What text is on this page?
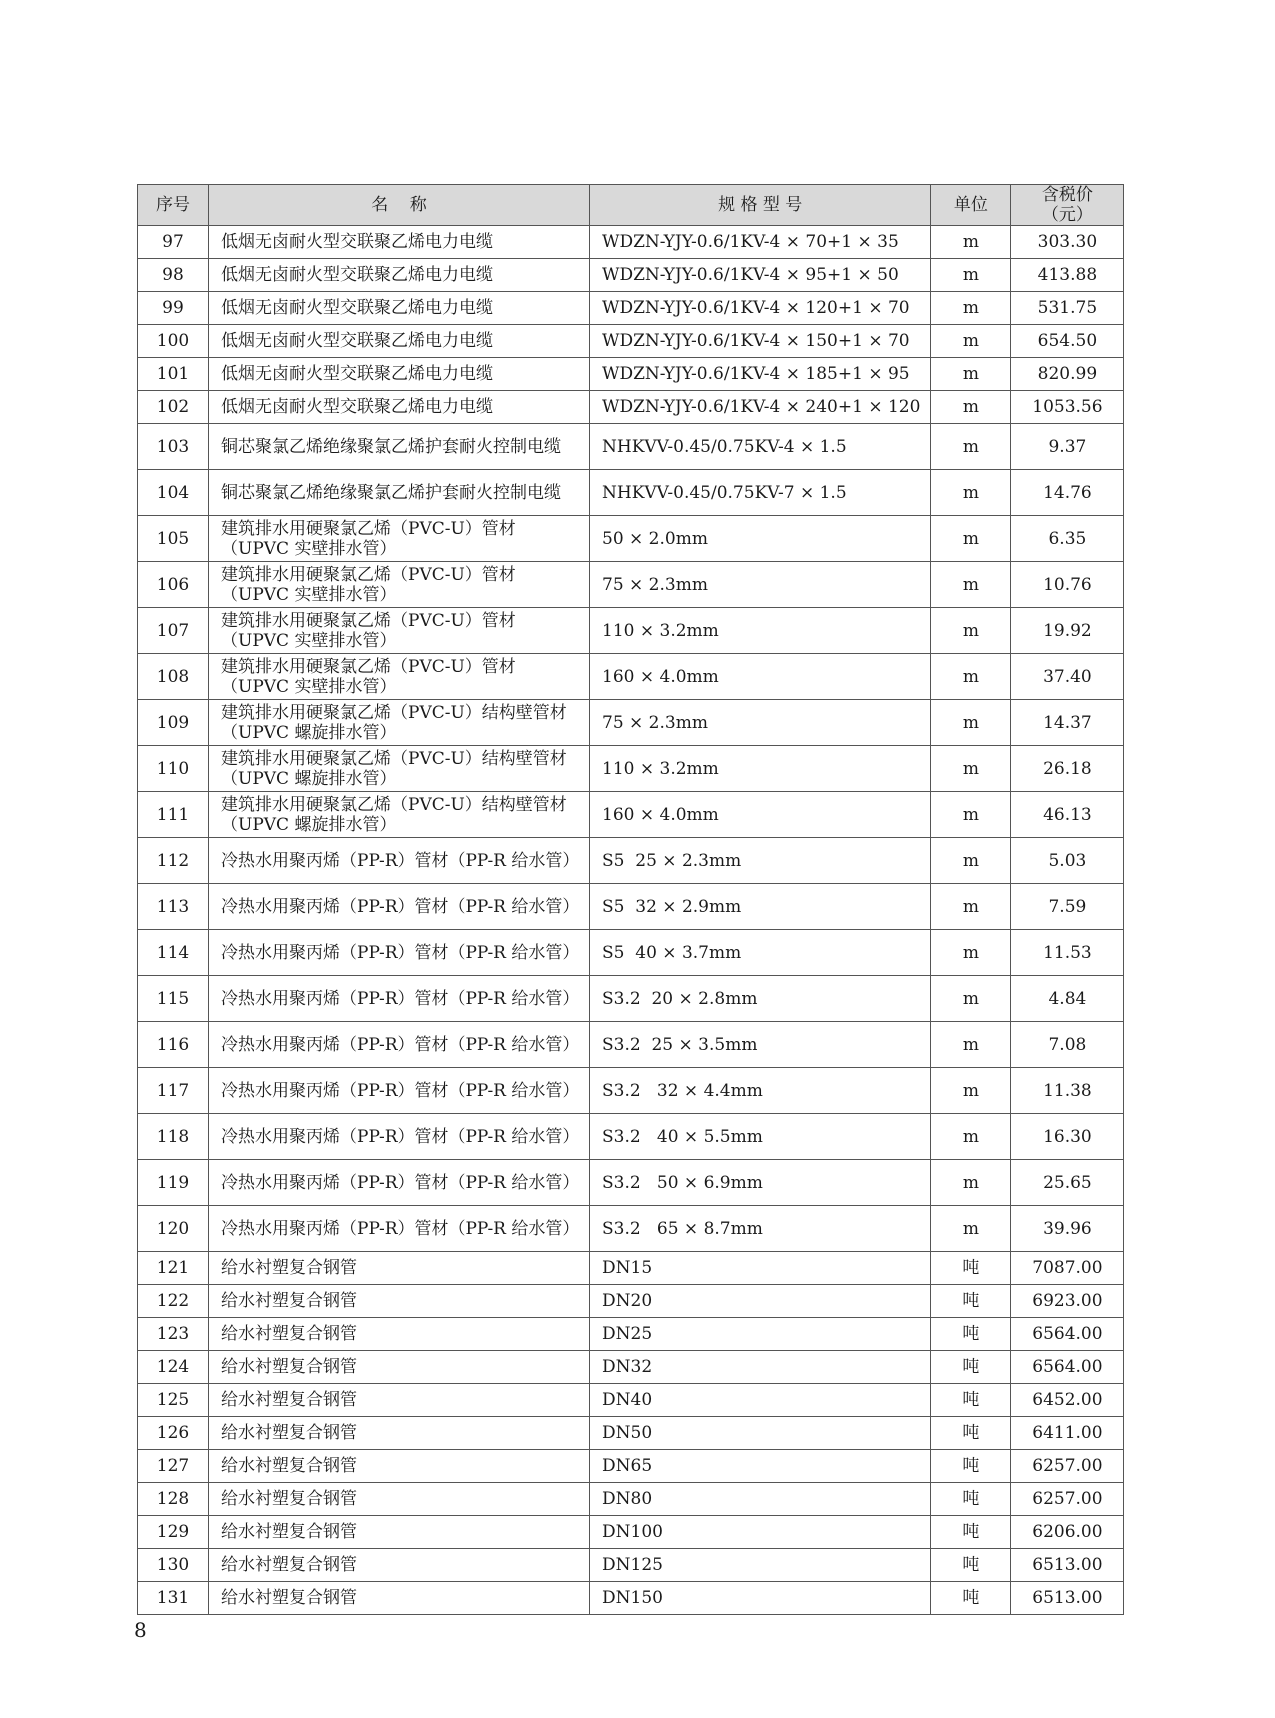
序号	名    称	规 格 型 号	单位	含税价（元）
97	低烟无卤耐火型交联聚乙烯电力电缆	WDZN-YJY-0.6/1KV-4 × 70+1 × 35	m	303.30
98	低烟无卤耐火型交联聚乙烯电力电缆	WDZN-YJY-0.6/1KV-4 × 95+1 × 50	m	413.88
99	低烟无卤耐火型交联聚乙烯电力电缆	WDZN-YJY-0.6/1KV-4 × 120+1 × 70	m	531.75
100	低烟无卤耐火型交联聚乙烯电力电缆	WDZN-YJY-0.6/1KV-4 × 150+1 × 70	m	654.50
101	低烟无卤耐火型交联聚乙烯电力电缆	WDZN-YJY-0.6/1KV-4 × 185+1 × 95	m	820.99
102	低烟无卤耐火型交联聚乙烯电力电缆	WDZN-YJY-0.6/1KV-4 × 240+1 × 120	m	1053.56
103	铜芯聚氯乙烯绝缘聚氯乙烯护套耐火控制电缆	NHKVV-0.45/0.75KV-4 × 1.5	m	9.37
104	铜芯聚氯乙烯绝缘聚氯乙烯护套耐火控制电缆	NHKVV-0.45/0.75KV-7 × 1.5	m	14.76
105	建筑排水用硬聚氯乙烯（PVC-U）管材（UPVC 实壁排水管）	50 × 2.0mm	m	6.35
106	建筑排水用硬聚氯乙烯（PVC-U）管材（UPVC 实壁排水管）	75 × 2.3mm	m	10.76
107	建筑排水用硬聚氯乙烯（PVC-U）管材（UPVC 实壁排水管）	110 × 3.2mm	m	19.92
108	建筑排水用硬聚氯乙烯（PVC-U）管材（UPVC 实壁排水管）	160 × 4.0mm	m	37.40
109	建筑排水用硬聚氯乙烯（PVC-U）结构壁管材（UPVC 螺旋排水管）	75 × 2.3mm	m	14.37
110	建筑排水用硬聚氯乙烯（PVC-U）结构壁管材（UPVC 螺旋排水管）	110 × 3.2mm	m	26.18
111	建筑排水用硬聚氯乙烯（PVC-U）结构壁管材（UPVC 螺旋排水管）	160 × 4.0mm	m	46.13
112	冷热水用聚丙烯（PP-R）管材（PP-R 给水管）	S5  25 × 2.3mm	m	5.03
113	冷热水用聚丙烯（PP-R）管材（PP-R 给水管）	S5  32 × 2.9mm	m	7.59
114	冷热水用聚丙烯（PP-R）管材（PP-R 给水管）	S5  40 × 3.7mm	m	11.53
115	冷热水用聚丙烯（PP-R）管材（PP-R 给水管）	S3.2  20 × 2.8mm	m	4.84
116	冷热水用聚丙烯（PP-R）管材（PP-R 给水管）	S3.2  25 × 3.5mm	m	7.08
117	冷热水用聚丙烯（PP-R）管材（PP-R 给水管）	S3.2   32 × 4.4mm	m	11.38
118	冷热水用聚丙烯（PP-R）管材（PP-R 给水管）	S3.2   40 × 5.5mm	m	16.30
119	冷热水用聚丙烯（PP-R）管材（PP-R 给水管）	S3.2   50 × 6.9mm	m	25.65
120	冷热水用聚丙烯（PP-R）管材（PP-R 给水管）	S3.2   65 × 8.7mm	m	39.96
121	给水衬塑复合钢管	DN15	吨	7087.00
122	给水衬塑复合钢管	DN20	吨	6923.00
123	给水衬塑复合钢管	DN25	吨	6564.00
124	给水衬塑复合钢管	DN32	吨	6564.00
125	给水衬塑复合钢管	DN40	吨	6452.00
126	给水衬塑复合钢管	DN50	吨	6411.00
127	给水衬塑复合钢管	DN65	吨	6257.00
128	给水衬塑复合钢管	DN80	吨	6257.00
129	给水衬塑复合钢管	DN100	吨	6206.00
130	给水衬塑复合钢管	DN125	吨	6513.00
131	给水衬塑复合钢管	DN150	吨	6513.00
8
